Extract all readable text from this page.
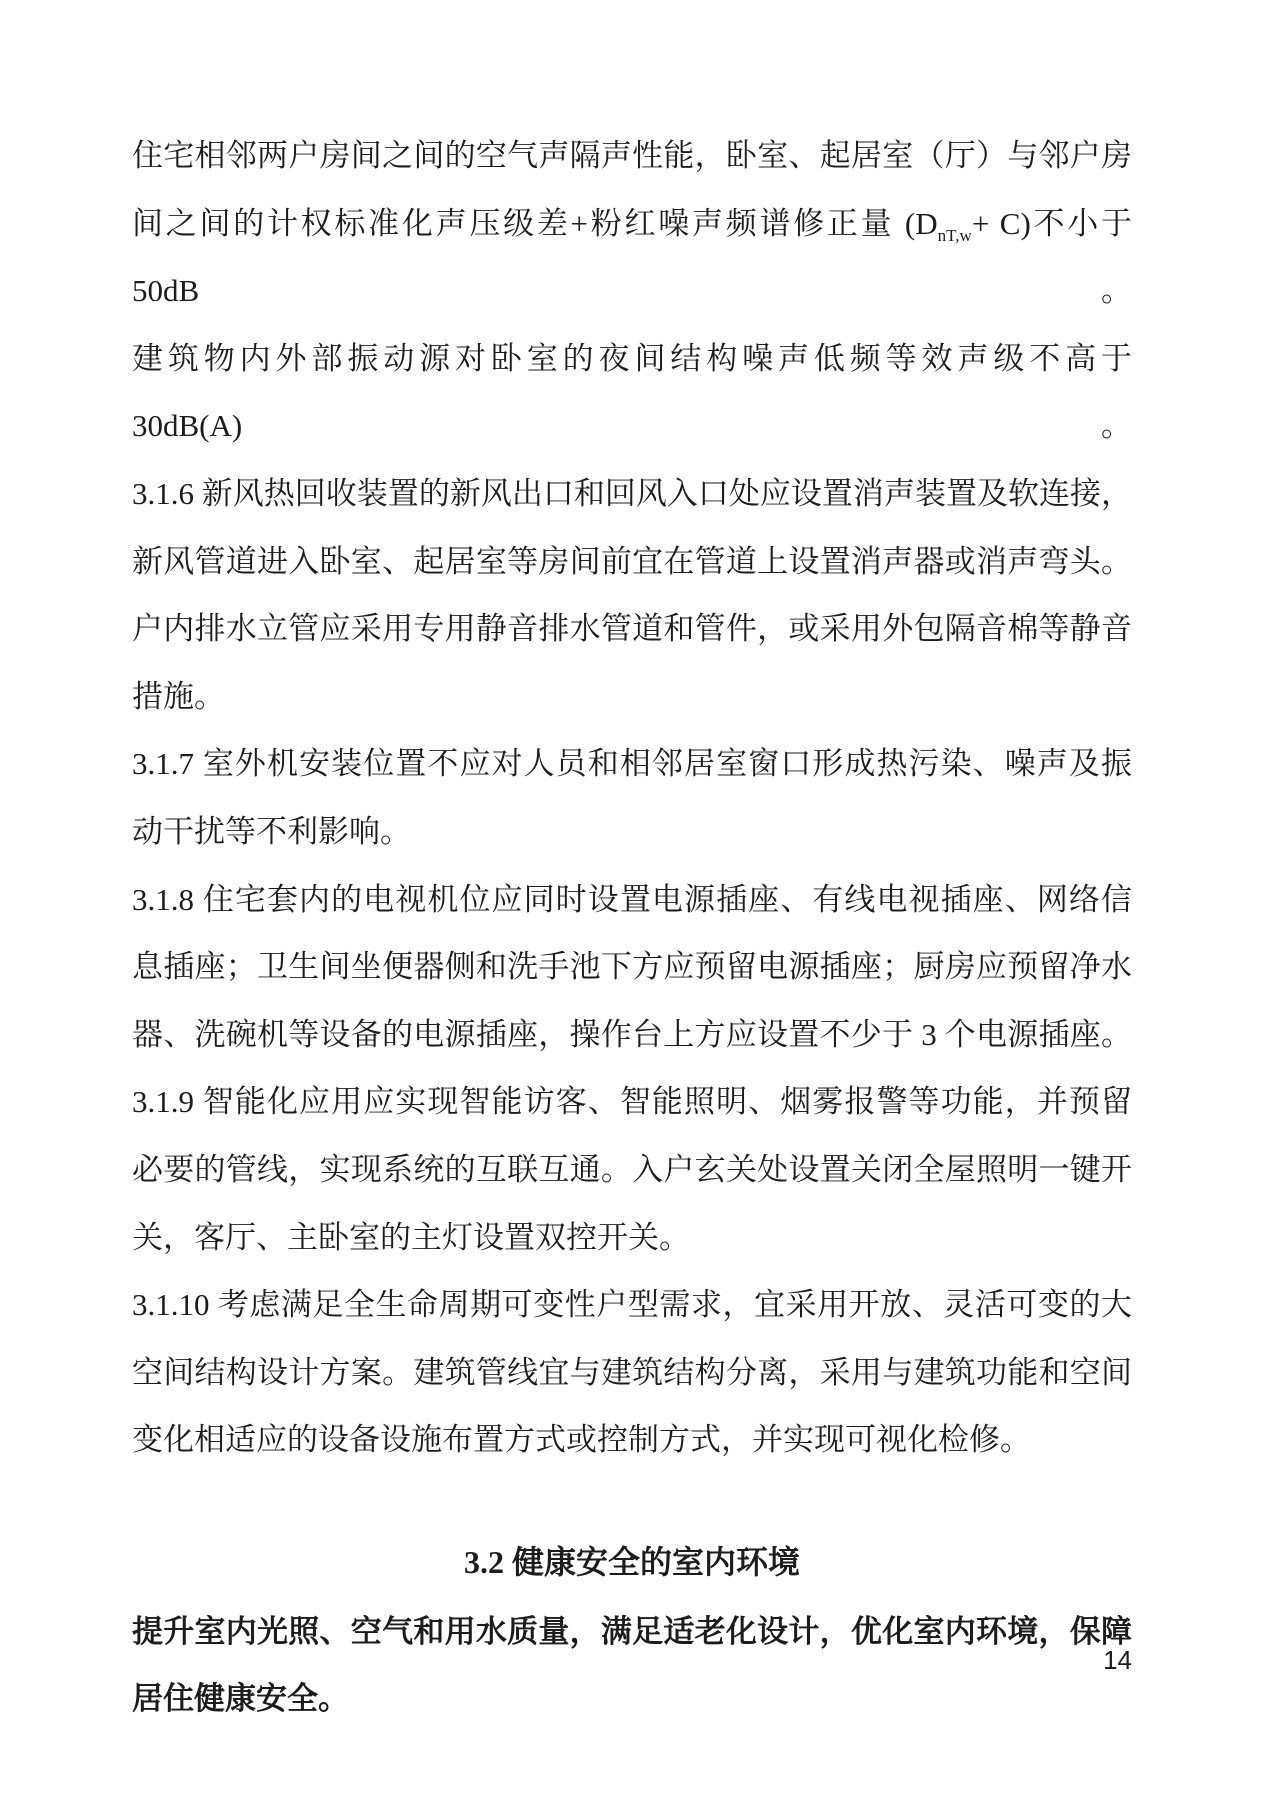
住宅相邻两户房间之间的空气声隔声性能，卧室、起居室（厅）与邻户房

间之间的计权标准化声压级差+粉红噪声频谱修正量 $(D_{nT,w}+ C)$不小于50dB。

建筑物内外部振动源对卧室的夜间结构噪声低频等效声级不高于 30dB(A)。

3.1.6 新风热回收装置的新风出口和回风入口处应设置消声装置及软连接，

新风管道进入卧室、起居室等房间前宜在管道上设置消声器或消声弯头。

户内排水立管应采用专用静音排水管道和管件，或采用外包隔音棉等静音

措施。

3.1.7 室外机安装位置不应对人员和相邻居室窗口形成热污染、噪声及振

动干扰等不利影响。

3.1.8 住宅套内的电视机位应同时设置电源插座、有线电视插座、网络信

息插座；卫生间坐便器侧和洗手池下方应预留电源插座；厨房应预留净水

器、洗碗机等设备的电源插座，操作台上方应设置不少于 3 个电源插座。

3.1.9 智能化应用应实现智能访客、智能照明、烟雾报警等功能，并预留

必要的管线，实现系统的互联互通。入户玄关处设置关闭全屋照明一键开

关，客厅、主卧室的主灯设置双控开关。

3.1.10 考虑满足全生命周期可变性户型需求，宜采用开放、灵活可变的大

空间结构设计方案。建筑管线宜与建筑结构分离，采用与建筑功能和空间

变化相适应的设备设施布置方式或控制方式，并实现可视化检修。

3.2 健康安全的室内环境

提升室内光照、空气和用水质量，满足适老化设计，优化室内环境，保障

居住健康安全。

14
